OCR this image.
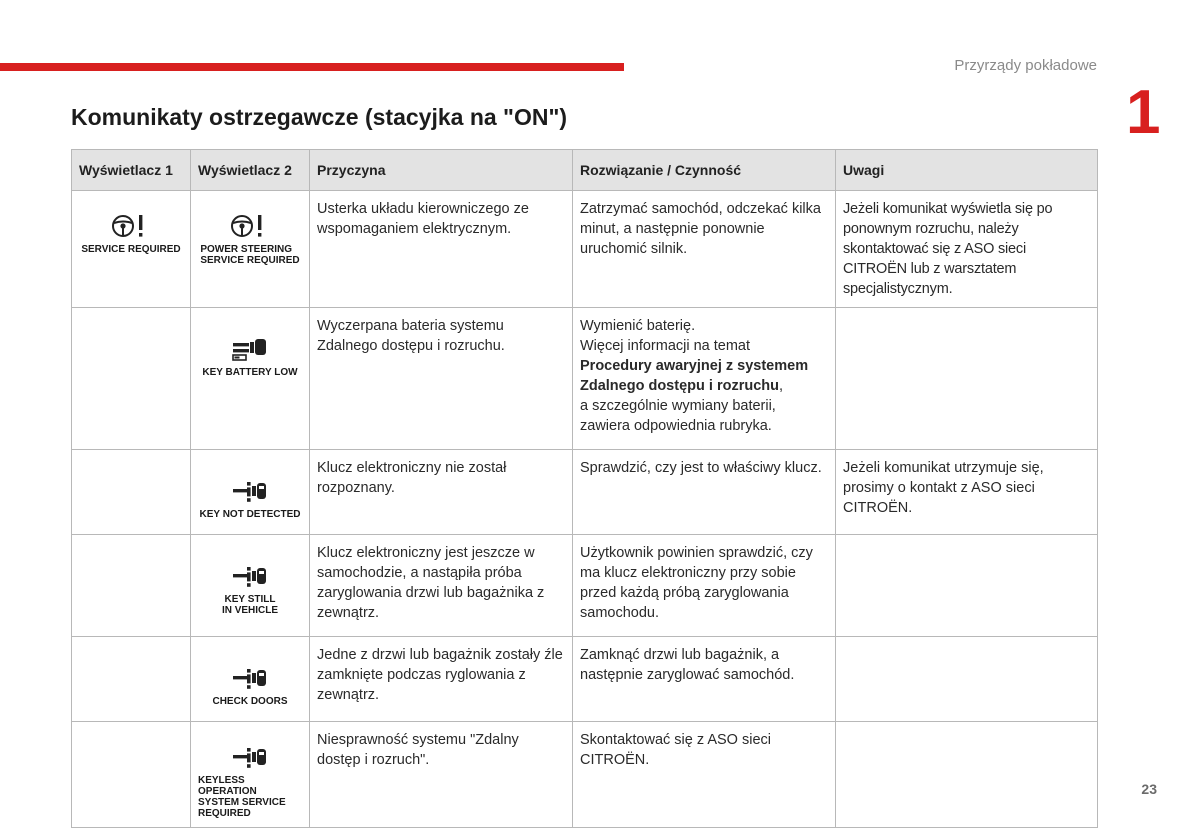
Przyrządy pokładowe
1
Komunikaty ostrzegawcze (stacyjka na "ON")
Wyświetlacz 1	Wyświetlacz 2	Przyczyna	Rozwiązanie / Czynność	Uwagi

SERVICE REQUIRED	POWER STEERING
SERVICE REQUIRED	Usterka układu kierowniczego ze wspomaganiem elektrycznym.	Zatrzymać samochód, odczekać kilka minut, a następnie ponownie uruchomić silnik.	Jeżeli komunikat wyświetla się po ponownym rozruchu, należy skontaktować się z ASO sieci CITROËN lub z warsztatem specjalistycznym.

	KEY BATTERY LOW	Wyczerpana bateria systemu Zdalnego dostępu i rozruchu.	Wymienić baterię.
Więcej informacji na temat
Procedury awaryjnej z systemem Zdalnego dostępu i rozruchu,
a szczególnie wymiany baterii, zawiera odpowiednia rubryka.	

	KEY NOT DETECTED	Klucz elektroniczny nie został rozpoznany.	Sprawdzić, czy jest to właściwy klucz.	Jeżeli komunikat utrzymuje się, prosimy o kontakt z ASO sieci CITROËN.

	KEY STILL
IN VEHICLE	Klucz elektroniczny jest jeszcze w samochodzie, a nastąpiła próba zaryglowania drzwi lub bagażnika z zewnątrz.	Użytkownik powinien sprawdzić, czy ma klucz elektroniczny przy sobie przed każdą próbą zaryglowania samochodu.	

	CHECK DOORS	Jedne z drzwi lub bagażnik zostały źle zamknięte podczas ryglowania z zewnątrz.	Zamknąć drzwi lub bagażnik, a następnie zaryglować samochód.	

	KEYLESS OPERATION
SYSTEM SERVICE
REQUIRED	Niesprawność systemu "Zdalny dostęp i rozruch".	Skontaktować się z ASO sieci CITROËN.	
23
